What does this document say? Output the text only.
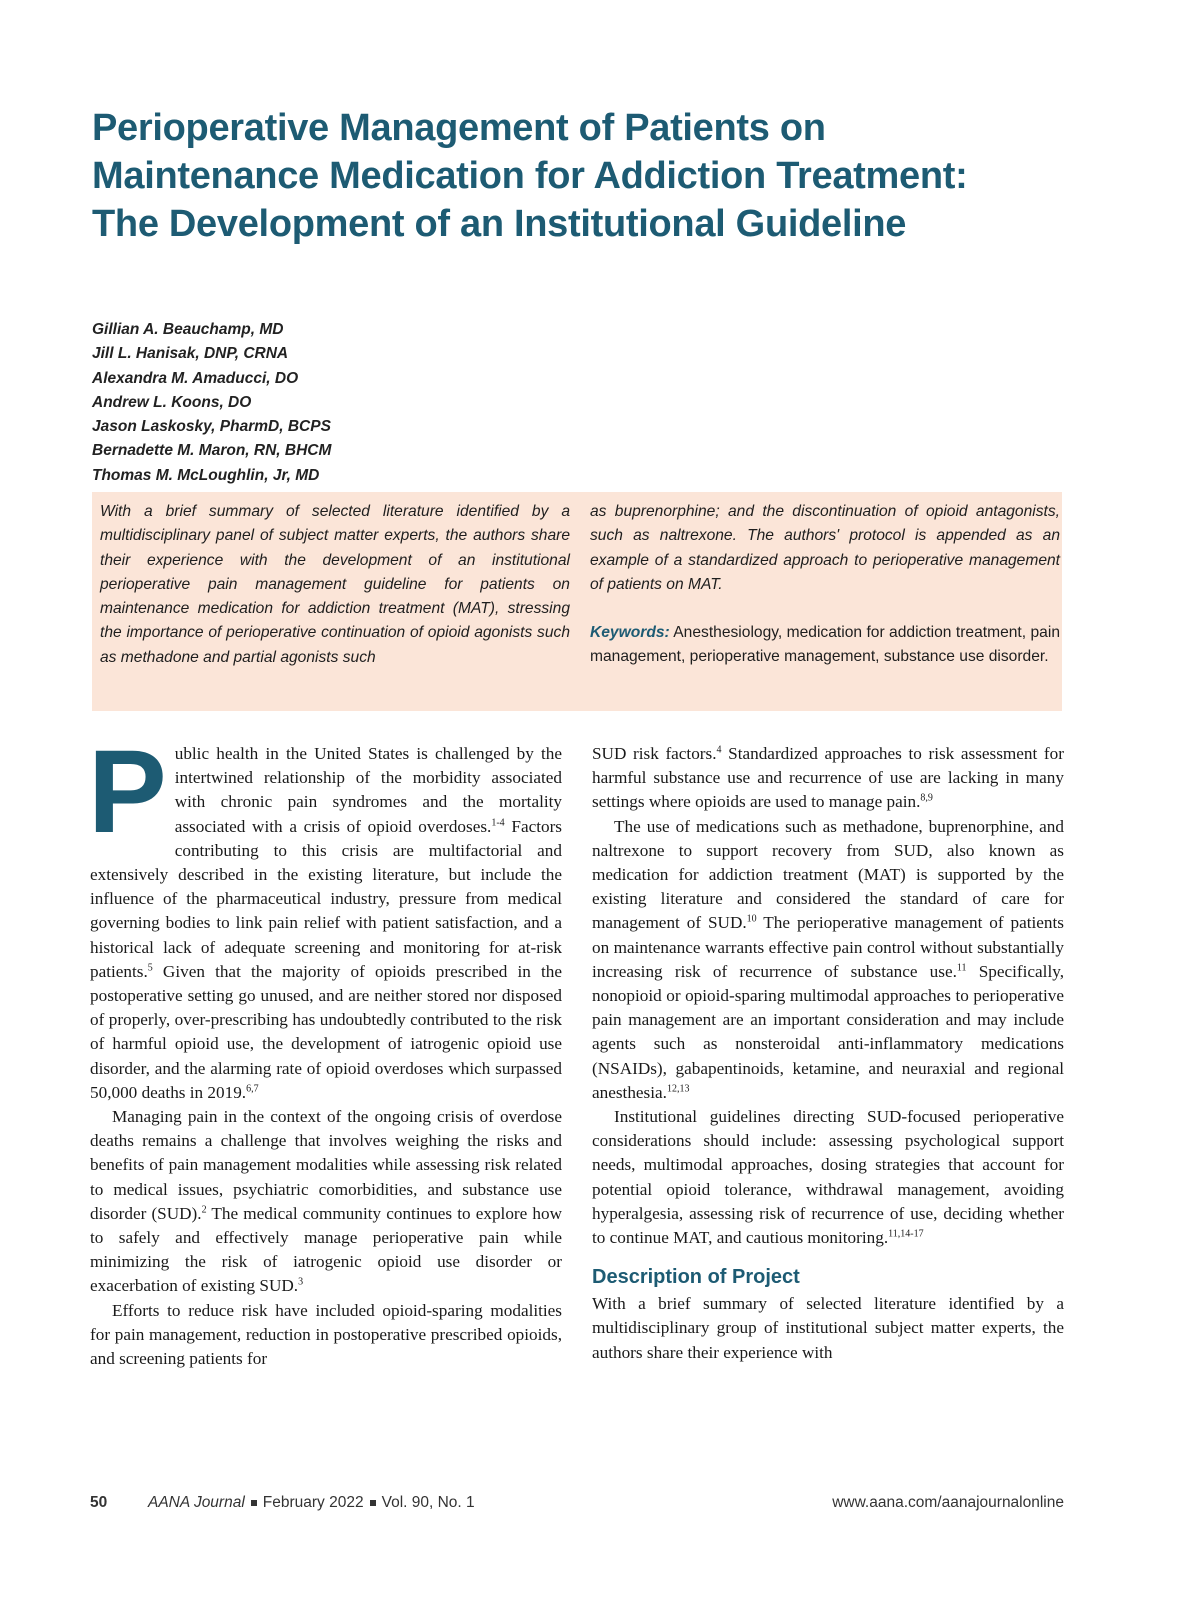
Perioperative Management of Patients on
Maintenance Medication for Addiction Treatment:
The Development of an Institutional Guideline
Gillian A. Beauchamp, MD
Jill L. Hanisak, DNP, CRNA
Alexandra M. Amaducci, DO
Andrew L. Koons, DO
Jason Laskosky, PharmD, BCPS
Bernadette M. Maron, RN, BHCM
Thomas M. McLoughlin, Jr, MD

With a brief summary of selected literature identified by a multidisciplinary panel of subject matter experts, the authors share their experience with the development of an institutional perioperative pain management guideline for patients on maintenance medication for addiction treatment (MAT), stressing the importance of perioperative continuation of opioid agonists such as methadone and partial agonists such

as buprenorphine; and the discontinuation of opioid antagonists, such as naltrexone. The authors' protocol is appended as an example of a standardized approach to perioperative management of patients on MAT.

Keywords: Anesthesiology, medication for addiction treatment, pain management, perioperative management, substance use disorder.

Public health in the United States is challenged by the intertwined relationship of the morbidity associated with chronic pain syndromes and the mortality associated with a crisis of opioid overdoses.$^{1-4}$ Factors contributing to this crisis are multifactorial and extensively described in the existing literature, but include the influence of the pharmaceutical industry, pressure from medical governing bodies to link pain relief with patient satisfaction, and a historical lack of adequate screening and monitoring for at-risk patients.$^5$ Given that the majority of opioids prescribed in the postoperative setting go unused, and are neither stored nor disposed of properly, over-prescribing has undoubtedly contributed to the risk of harmful opioid use, the development of iatrogenic opioid use disorder, and the alarming rate of opioid overdoses which surpassed 50,000 deaths in 2019.$^{6,7}$

Managing pain in the context of the ongoing crisis of overdose deaths remains a challenge that involves weighing the risks and benefits of pain management modalities while assessing risk related to medical issues, psychiatric comorbidities, and substance use disorder (SUD).$^2$ The medical community continues to explore how to safely and effectively manage perioperative pain while minimizing the risk of iatrogenic opioid use disorder or exacerbation of existing SUD.$^3$

Efforts to reduce risk have included opioid-sparing modalities for pain management, reduction in postoperative prescribed opioids, and screening patients for

SUD risk factors.$^4$ Standardized approaches to risk assessment for harmful substance use and recurrence of use are lacking in many settings where opioids are used to manage pain.$^{8,9}$

The use of medications such as methadone, buprenorphine, and naltrexone to support recovery from SUD, also known as medication for addiction treatment (MAT) is supported by the existing literature and considered the standard of care for management of SUD.$^{10}$ The perioperative management of patients on maintenance warrants effective pain control without substantially increasing risk of recurrence of substance use.$^{11}$ Specifically, nonopioid or opioid-sparing multimodal approaches to perioperative pain management are an important consideration and may include agents such as nonsteroidal anti-inflammatory medications (NSAIDs), gabapentinoids, ketamine, and neuraxial and regional anesthesia.$^{12,13}$

Institutional guidelines directing SUD-focused perioperative considerations should include: assessing psychological support needs, multimodal approaches, dosing strategies that account for potential opioid tolerance, withdrawal management, avoiding hyperalgesia, assessing risk of recurrence of use, deciding whether to continue MAT, and cautious monitoring.$^{11,14-17}$

Description of Project

With a brief summary of selected literature identified by a multidisciplinary group of institutional subject matter experts, the authors share their experience with

50	AANA Journal February 2022 Vol. 90, No. 1	www.aana.com/aanajournalonline
